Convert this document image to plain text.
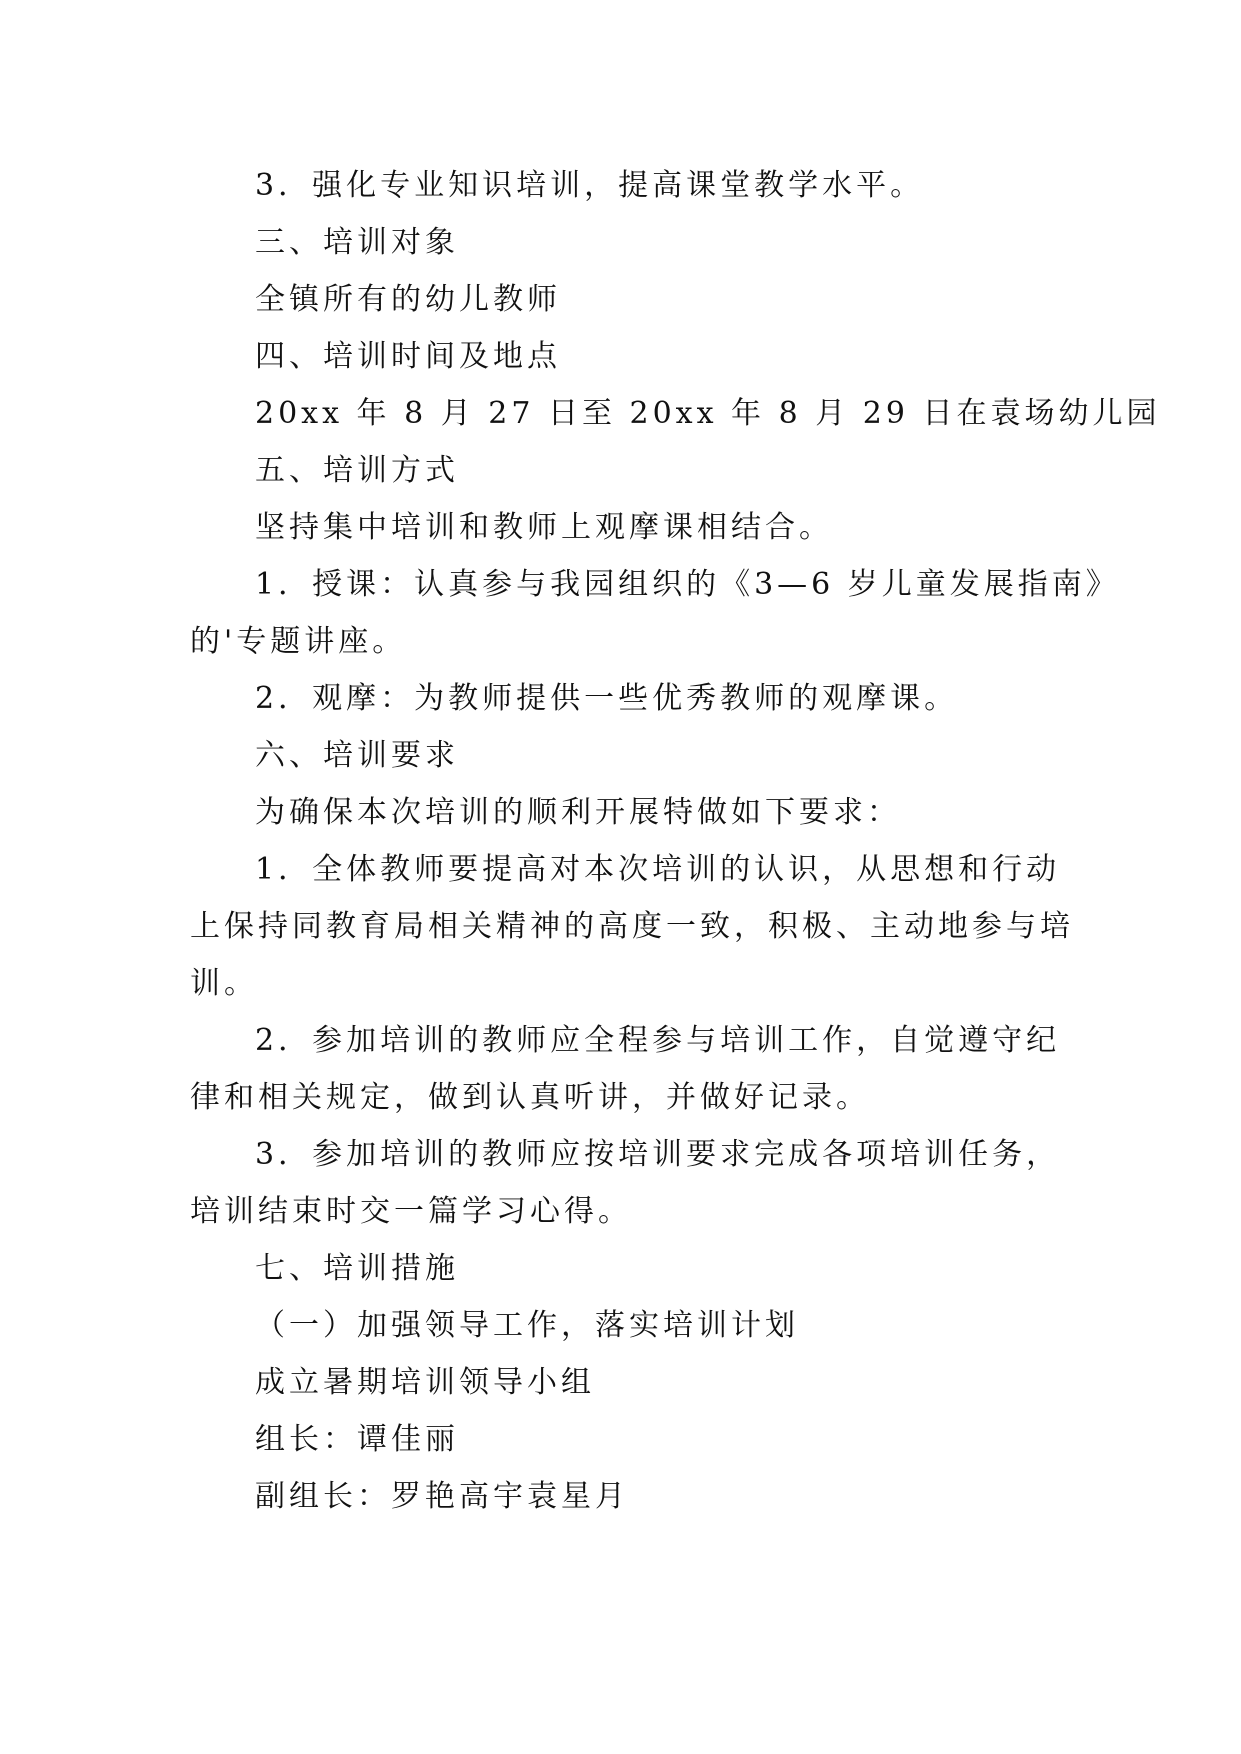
3．强化专业知识培训，提高课堂教学水平。

三、培训对象

全镇所有的幼儿教师

四、培训时间及地点

20xx 年 8 月 27 日至 20xx 年 8 月 29 日在袁场幼儿园

五、培训方式

坚持集中培训和教师上观摩课相结合。

1．授课：认真参与我园组织的《3—6 岁儿童发展指南》

的'专题讲座。

2．观摩：为教师提供一些优秀教师的观摩课。

六、培训要求

为确保本次培训的顺利开展特做如下要求：

1．全体教师要提高对本次培训的认识，从思想和行动

上保持同教育局相关精神的高度一致，积极、主动地参与培

训。

2．参加培训的教师应全程参与培训工作，自觉遵守纪

律和相关规定，做到认真听讲，并做好记录。

3．参加培训的教师应按培训要求完成各项培训任务，

培训结束时交一篇学习心得。

七、培训措施

（一）加强领导工作，落实培训计划

成立暑期培训领导小组

组长：谭佳丽

副组长：罗艳高宇袁星月
